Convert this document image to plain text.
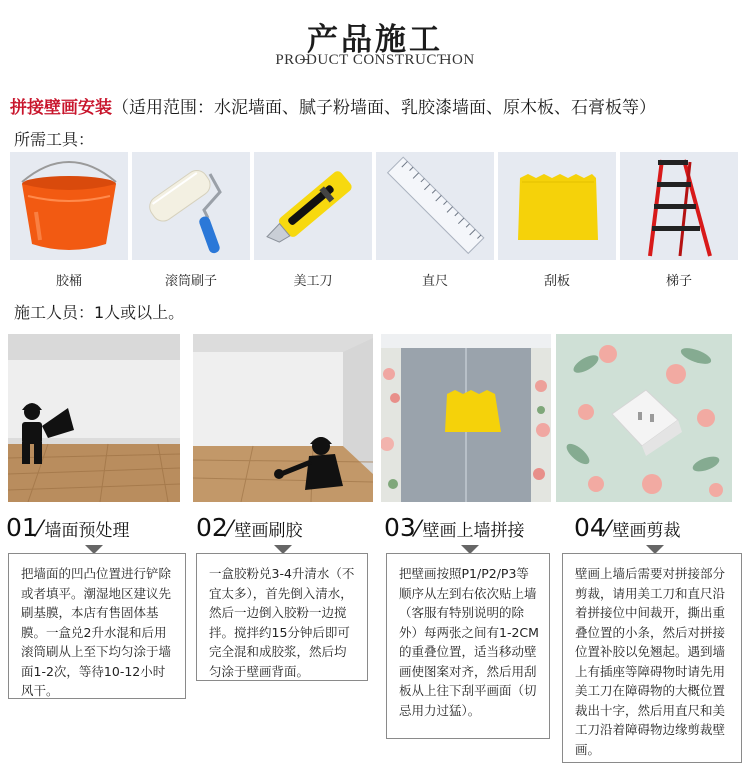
产品施工
PRODUCT CONSTRUCTION
拼接壁画安装（适用范围：水泥墙面、腻子粉墙面、乳胶漆墙面、原木板、石膏板等）
所需工具：
胶桶	滚筒刷子	美工刀	直尺	刮板	梯子
施工人员：1人或以上。
01⁄ 墙面预处理	02⁄ 壁画刷胶	03⁄ 壁画上墙拼接 04⁄ 壁画剪裁
把墙面的凹凸位置进行铲除或者填平。潮湿地区建议先刷基膜，本店有售固体基膜。一盒兑2升水混和后用滚筒刷从上至下均匀涂于墙面1-2次，等待10-12小时风干。
一盒胶粉兑3-4升清水（不宜太多），首先倒入清水，然后一边倒入胶粉一边搅拌。搅拌约15分钟后即可完全混和成胶浆，然后均匀涂于壁画背面。
把壁画按照P1/P2/P3等顺序从左到右依次贴上墙（客服有特别说明的除外）每两张之间有1-2CM的重叠位置，适当移动壁画使图案对齐，然后用刮板从上往下刮平画面（切忌用力过猛）。
壁画上墙后需要对拼接部分剪裁，请用美工刀和直尺沿着拼接位中间裁开，撕出重叠位置的小条，然后对拼接位置补胶以免翘起。遇到墙上有插座等障碍物时请先用美工刀在障碍物的大概位置裁出十字，然后用直尺和美工刀沿着障碍物边缘剪裁壁画。
